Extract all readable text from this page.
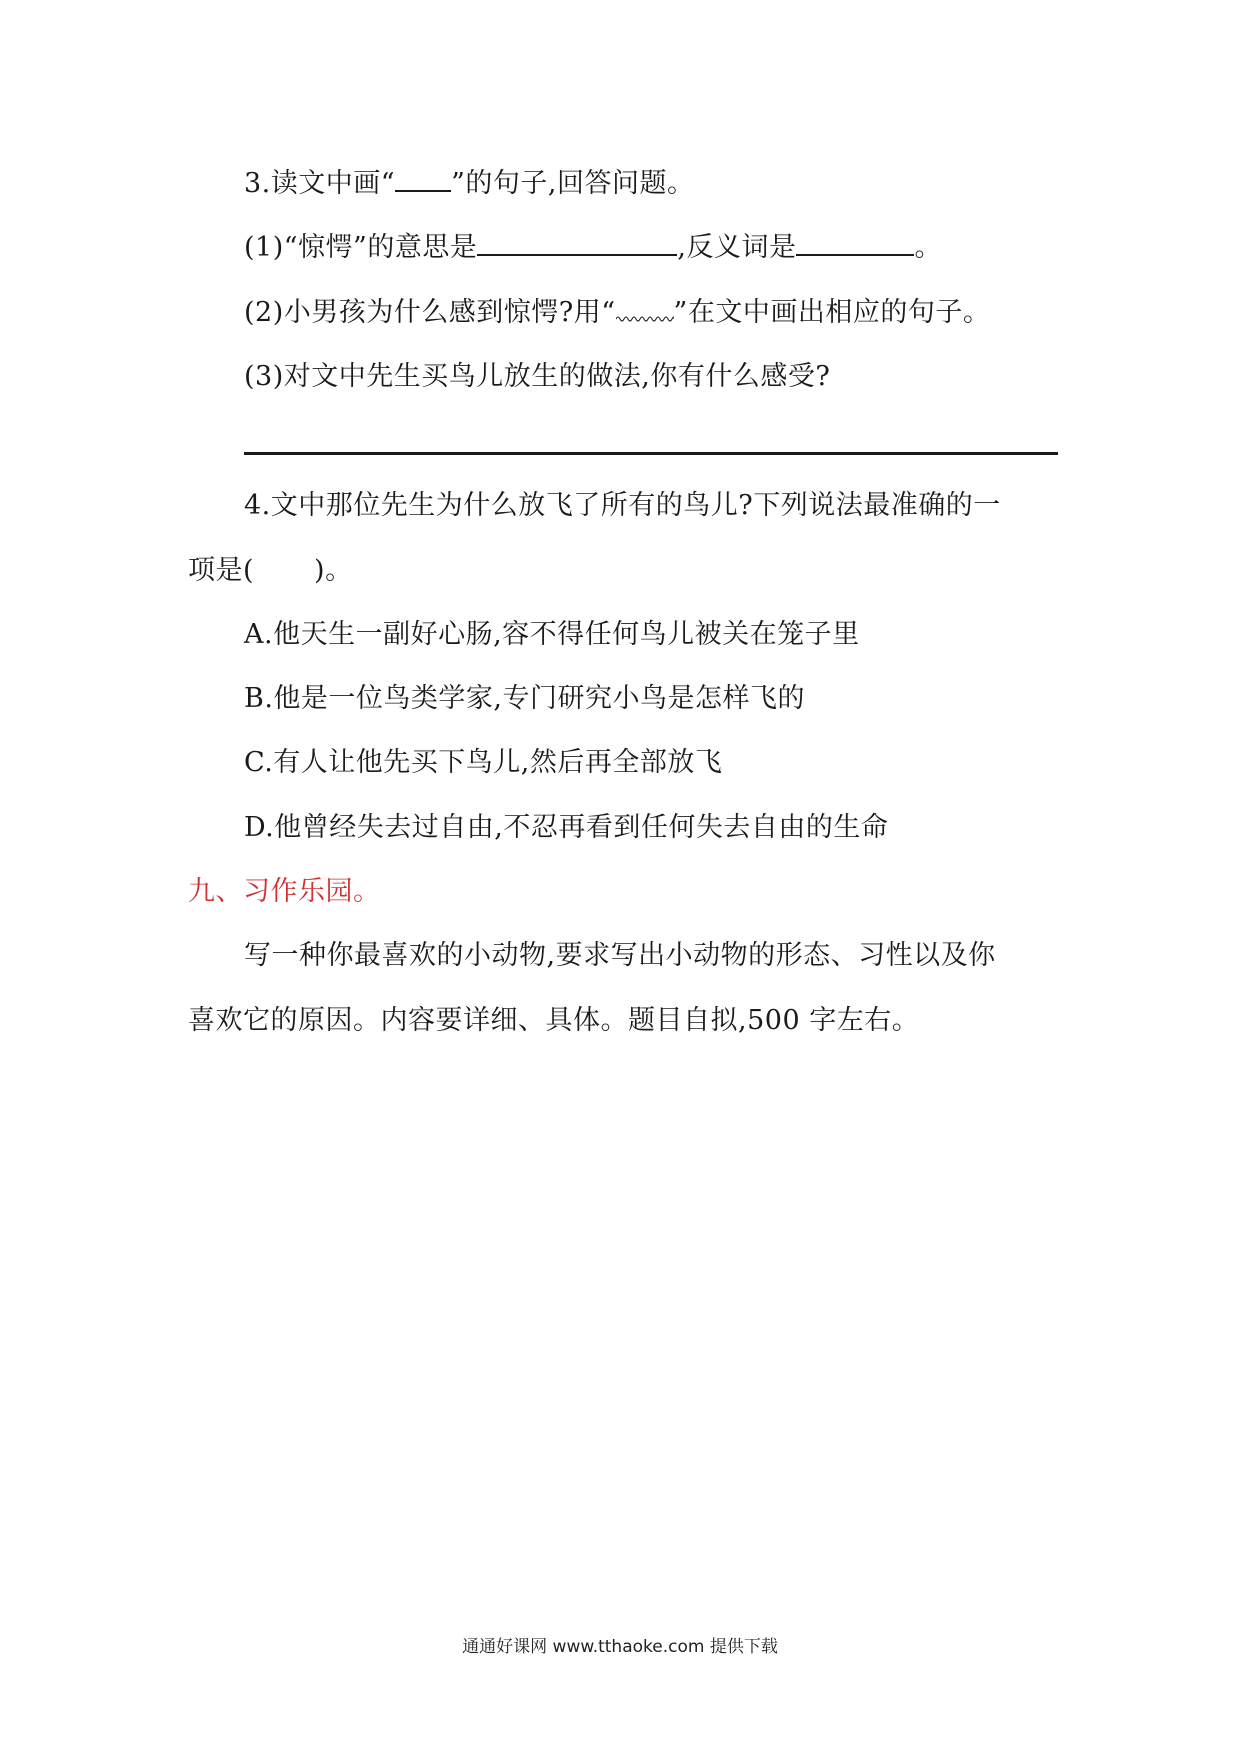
3.读文中画“ ”的句子,回答问题。
(1)“惊愕”的意思是	,反义词是	。
(2)小男孩为什么感到惊愕?用“ ”在文中画出相应的句子。
(3)对文中先生买鸟儿放生的做法,你有什么感受?
4.文中那位先生为什么放飞了所有的鸟儿?下列说法最准确的一
项是( )。
A.他天生一副好心肠,容不得任何鸟儿被关在笼子里
B.他是一位鸟类学家,专门研究小鸟是怎样飞的
C.有人让他先买下鸟儿,然后再全部放飞
D.他曾经失去过自由,不忍再看到任何失去自由的生命
九、习作乐园。
写一种你最喜欢的小动物,要求写出小动物的形态、习性以及你
喜欢它的原因。内容要详细、具体。题目自拟,500 字左右。
通通好课网 www.tthaoke.com 提供下载
